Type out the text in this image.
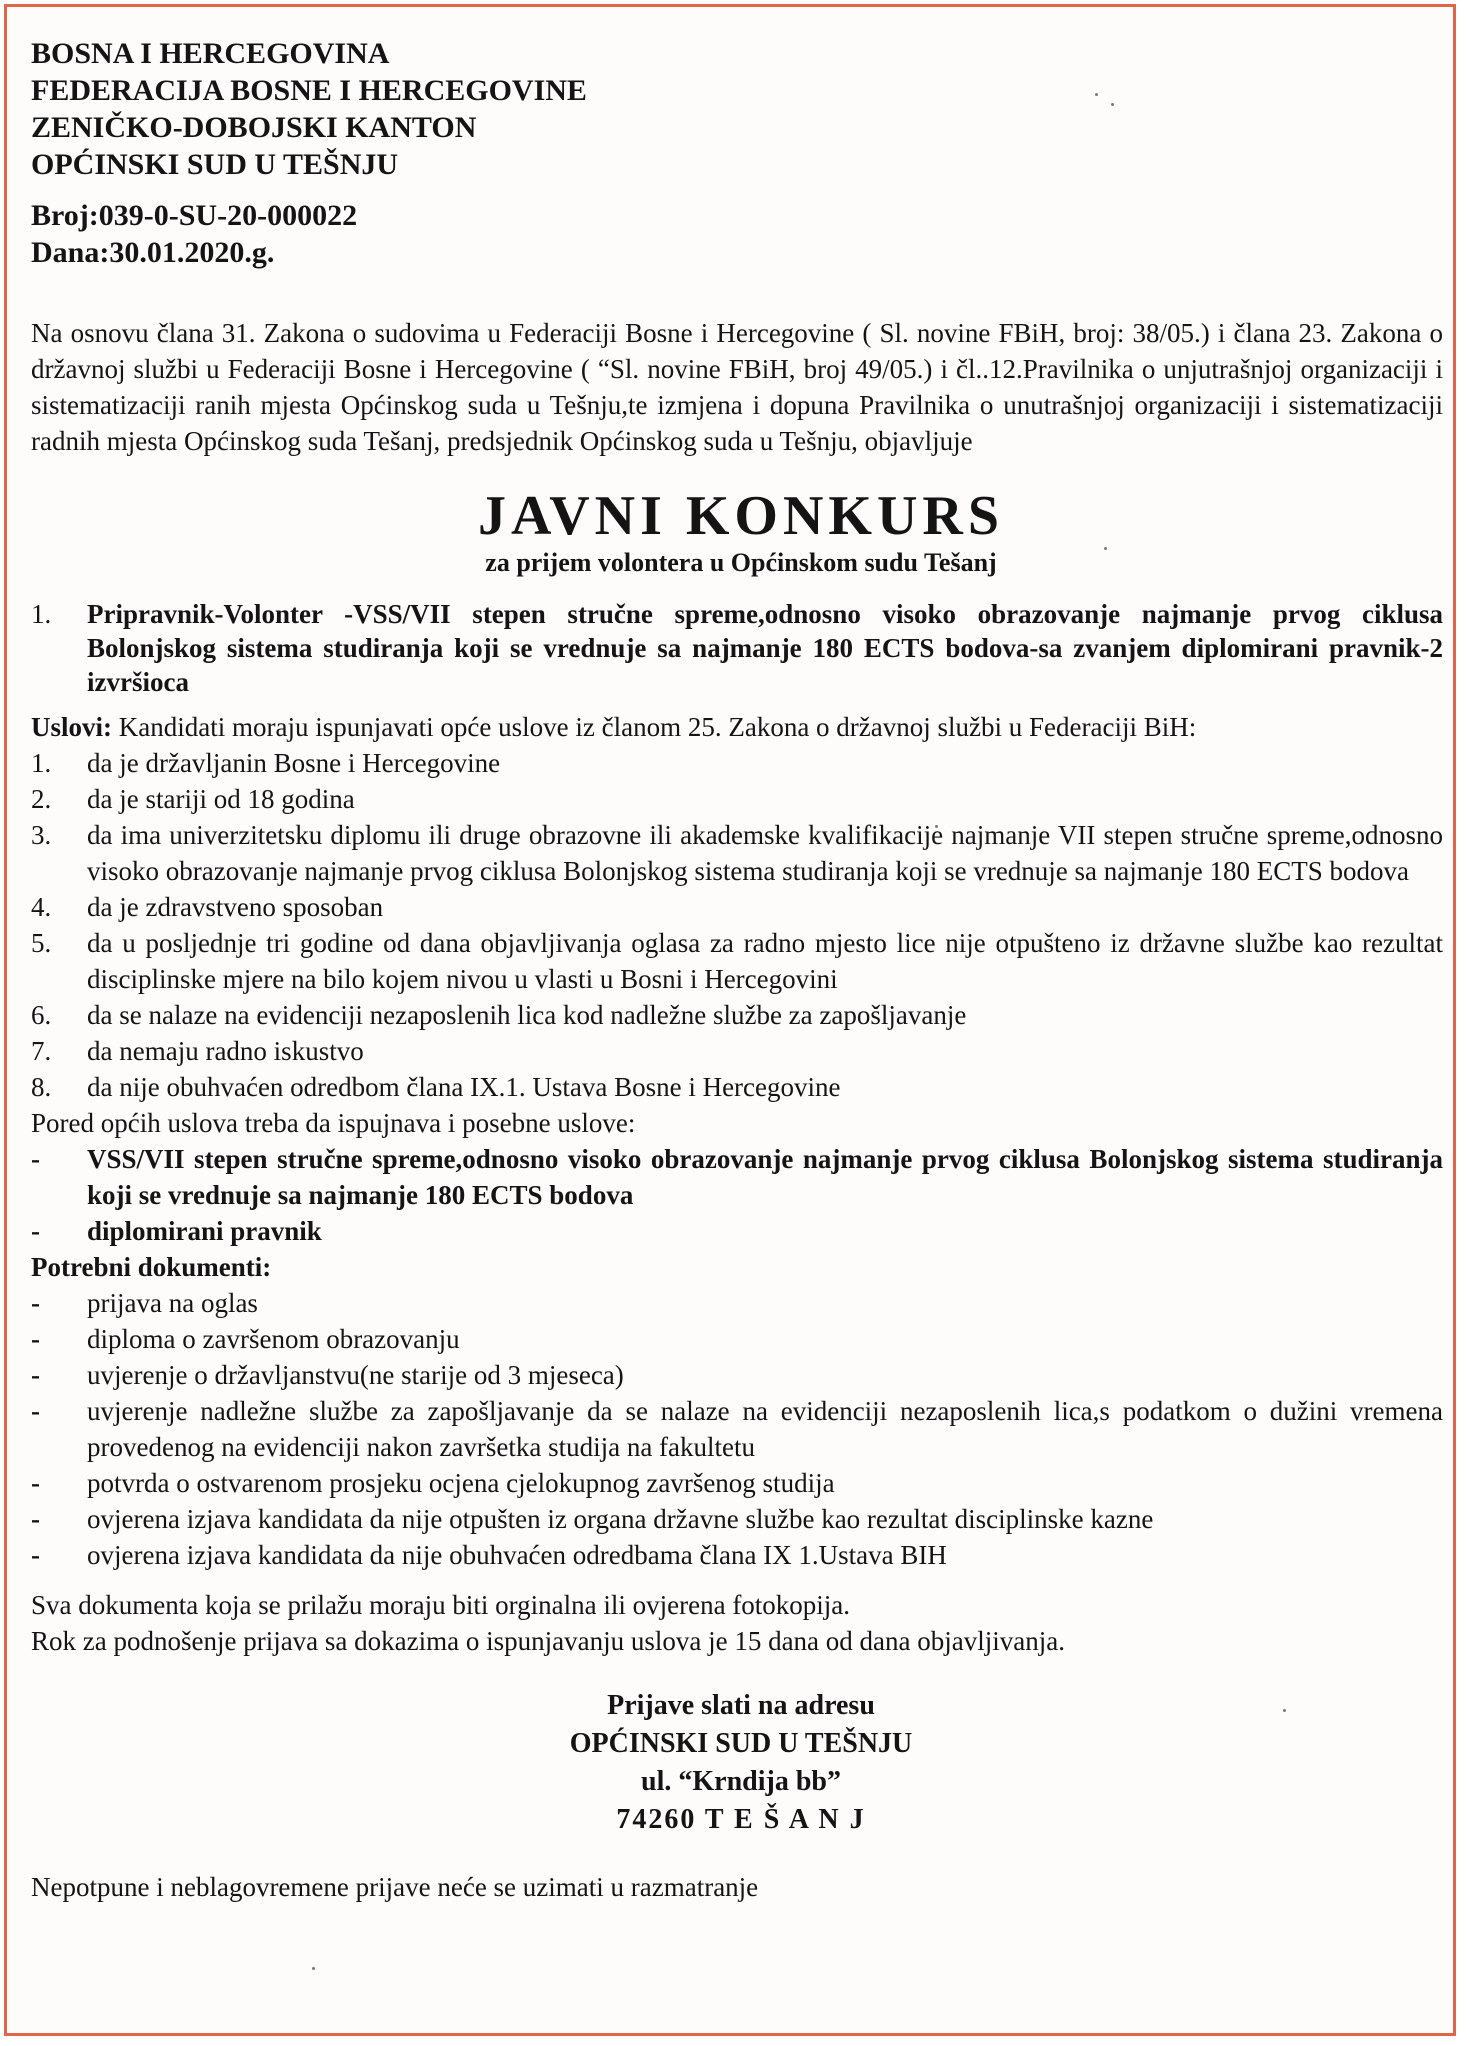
BOSNA I HERCEGOVINA
FEDERACIJA BOSNE I HERCEGOVINE
ZENIČKO-DOBOJSKI KANTON
OPĆINSKI SUD U TEŠNJU
Broj:039-0-SU-20-000022
Dana:30.01.2020.g.
Na osnovu člana 31. Zakona o sudovima u Federaciji Bosne i Hercegovine ( Sl. novine FBiH, broj: 38/05.) i člana 23. Zakona o državnoj službi u Federaciji Bosne i Hercegovine ( “Sl. novine FBiH, broj 49/05.) i čl..12.Pravilnika o unjutrašnjoj organizaciji i sistematizaciji ranih mjesta Općinskog suda u Tešnju,te izmjena i dopuna Pravilnika o unutrašnjoj organizaciji i sistematizaciji radnih mjesta Općinskog suda Tešanj, predsjednik Općinskog suda u Tešnju, objavljuje
JAVNI KONKURS
za prijem volontera u Općinskom sudu Tešanj
1.	Pripravnik-Volonter -VSS/VII stepen stručne spreme,odnosno visoko obrazovanje najmanje prvog ciklusa Bolonjskog sistema studiranja koji se vrednuje sa najmanje 180 ECTS bodova-sa zvanjem diplomirani pravnik-2 izvršioca
Uslovi: Kandidati moraju ispunjavati opće uslove iz članom 25. Zakona o državnoj službi u Federaciji BiH:
1.	da je državljanin Bosne i Hercegovine
2.	da je stariji od 18 godina
3.	da ima univerzitetsku diplomu ili druge obrazovne ili akademske kvalifikacije najmanje VII stepen stručne spreme,odnosno visoko obrazovanje najmanje prvog ciklusa Bolonjskog sistema studiranja koji se vrednuje sa najmanje 180 ECTS bodova
4.	da je zdravstveno sposoban
5.	da u posljednje tri godine od dana objavljivanja oglasa za radno mjesto lice nije otpušteno iz državne službe kao rezultat disciplinske mjere na bilo kojem nivou u vlasti u Bosni i Hercegovini
6.	da se nalaze na evidenciji nezaposlenih lica kod nadležne službe za zapošljavanje
7.	da nemaju radno iskustvo
8.	da nije obuhvaćen odredbom člana IX.1. Ustava Bosne i Hercegovine
Pored općih uslova treba da ispujnava i posebne uslove:
-	VSS/VII stepen stručne spreme,odnosno visoko obrazovanje najmanje prvog ciklusa Bolonjskog sistema studiranja koji se vrednuje sa najmanje 180 ECTS bodova
-	diplomirani pravnik
Potrebni dokumenti:
-	prijava na oglas
-	diploma o završenom obrazovanju
-	uvjerenje o državljanstvu(ne starije od 3 mjeseca)
-	uvjerenje nadležne službe za zapošljavanje da se nalaze na evidenciji nezaposlenih lica,s podatkom o dužini vremena provedenog na evidenciji nakon završetka studija na fakultetu
-	potvrda o ostvarenom prosjeku ocjena cjelokupnog završenog studija
-	ovjerena izjava kandidata da nije otpušten iz organa državne službe kao rezultat disciplinske kazne
-	ovjerena izjava kandidata da nije obuhvaćen odredbama člana IX 1.Ustava BIH
Sva dokumenta koja se prilažu moraju biti orginalna ili ovjerena fotokopija.
Rok za podnošenje prijava sa dokazima o ispunjavanju uslova je 15 dana od dana objavljivanja.
Prijave slati na adresu
OPĆINSKI SUD U TEŠNJU
ul. “Krndija bb”
74260 T E Š A N J
Nepotpune i neblagovremene prijave neće se uzimati u razmatranje
